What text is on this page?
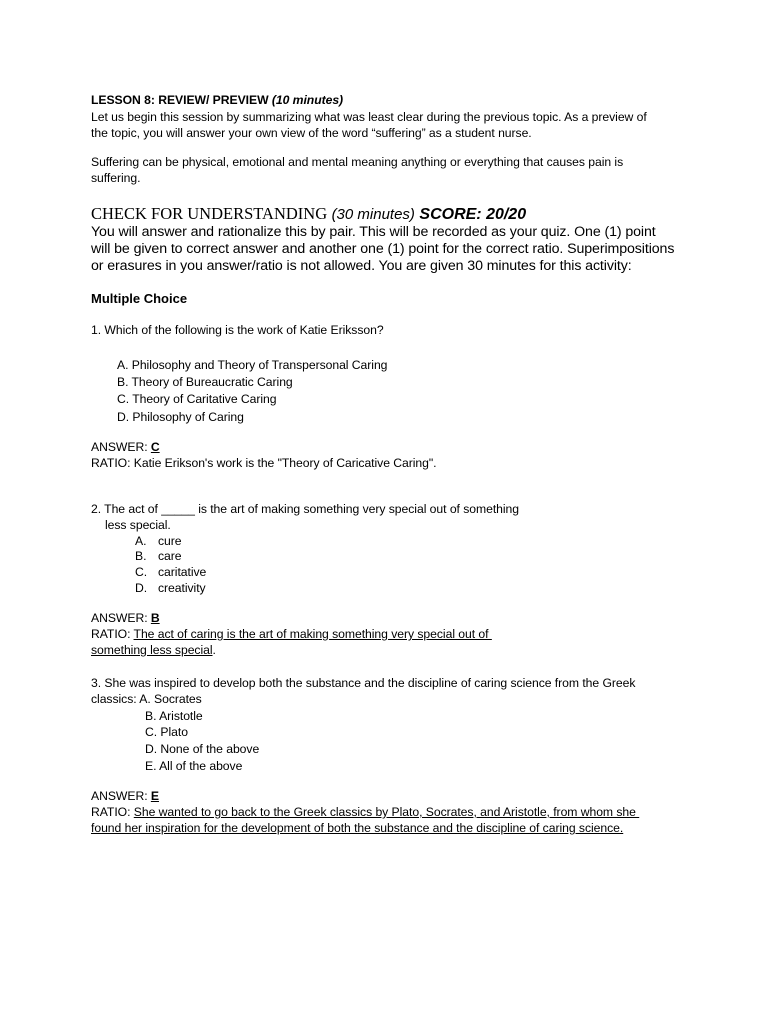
LESSON 8: REVIEW/ PREVIEW (10 minutes)
Let us begin this session by summarizing what was least clear during the previous topic. As a preview of
the topic, you will answer your own view of the word “suffering” as a student nurse.
Suffering can be physical, emotional and mental meaning anything or everything that causes pain is
suffering.
CHECK FOR UNDERSTANDING (30 minutes) SCORE: 20/20
You will answer and rationalize this by pair. This will be recorded as your quiz. One (1) point
will be given to correct answer and another one (1) point for the correct ratio. Superimpositions
or erasures in you answer/ratio is not allowed. You are given 30 minutes for this activity:
Multiple Choice
1. Which of the following is the work of Katie Eriksson?
A. Philosophy and Theory of Transpersonal Caring
B. Theory of Bureaucratic Caring
C. Theory of Caritative Caring
D. Philosophy of Caring
ANSWER: C
RATIO: Katie Erikson's work is the "Theory of Caricative Caring".
2. The act of _____ is the art of making something very special out of something
less special.
A. cure
B. care
C. caritative
D. creativity
ANSWER: B
RATIO: The act of caring is the art of making something very special out of
something less special.
3. She was inspired to develop both the substance and the discipline of caring science from the Greek
classics: A. Socrates
B. Aristotle
C. Plato
D. None of the above
E. All of the above
ANSWER: E
RATIO: She wanted to go back to the Greek classics by Plato, Socrates, and Aristotle, from whom she
found her inspiration for the development of both the substance and the discipline of caring science.
